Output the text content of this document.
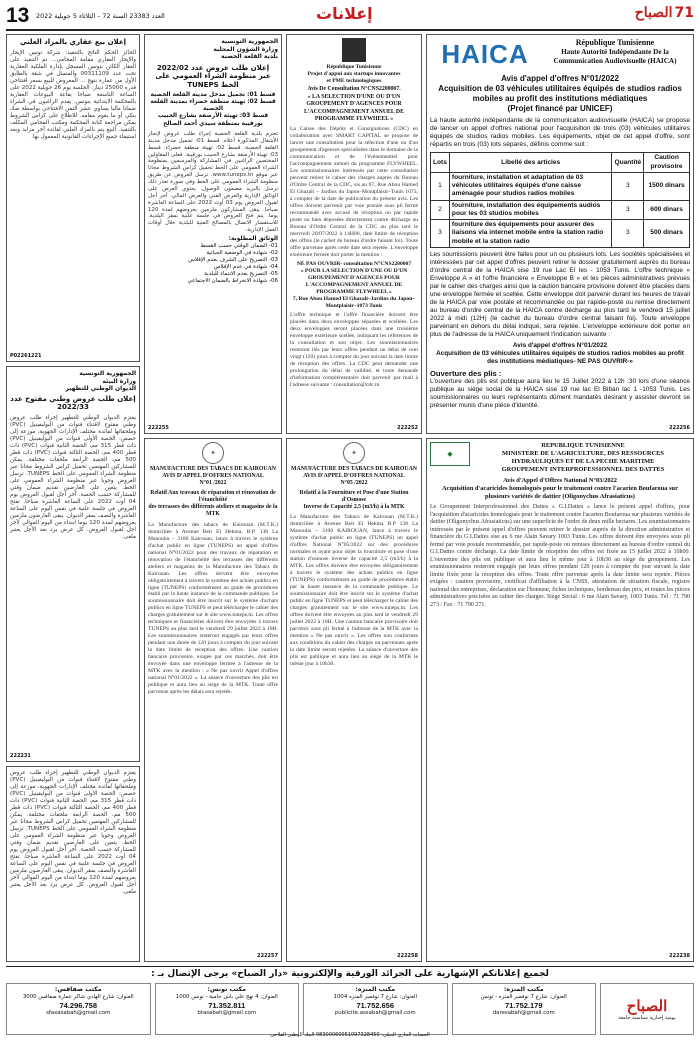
13	العدد 23383 السنة 72 – الثلاثاء 5 جويلية 2022	إعلانات	الصباح 71
إعلان بيع عقاري بالمزاد العلني
الحائز الحكم الناتج بالتنفيذ: شركة تونس الإيجار والإيجار العقاري مقامة المحامي... تم التنفيذ على العقار الكائن بتونس المسجل بإدارة الملكية العقارية تحت عدد 00311109 والمتمثل في شقة بالطابق الأول من عمارة بنهج ... المعروض للبيع بسعر افتتاحي قدره 25000 دينار. الجلسة يوم 26 جويلية 2022 على الساعة التاسعة صباحا بقاعة البيوعات العقارية بالمحكمة الابتدائية بتونس. يقدم الراغبون في الشراء ضمانا ماليا يساوي عشر الثمن الافتتاحي بواسطة صك بنكي أو ما يقوم مقامه. للاطلاع على كراس الشروط يمكن مراجعة كتابة المحكمة ومكتب المحامي المكلف بالتنفيذ. البيع يتم بالمزاد العلني لفائدة آخر مزايد وبعد استيفاء جميع الإجراءات القانونية المعمول بها.
P02261221
الجمهورية التونسية
وزارة البيئة
الديوان الوطني للتطهير
إعلان طلب عروض وطني مفتوح عدد 2022/33
يعتزم الديوان الوطني للتطهير إجراء طلب عروض وطني مفتوح لاقتناء قنوات من البوليفينيل (PVC) وملحقاتها لفائدة مختلف الإدارات الجهوية، موزعة إلى حصص: الحصة الأولى قنوات من البوليفينيل (PVC) ذات قطر 315 مم، الحصة الثانية قنوات (PVC) ذات قطر 400 مم، الحصة الثالثة قنوات (PVC) ذات قطر 500 مم، الحصة الرابعة ملحقات مختلفة. يمكن للمشاركين المهتمين تحميل كراس الشروط مجانا عبر منظومة الشراء العمومي على الخط TUNEPS. ترسل العروض وجوبا عبر منظومة الشراء العمومي على الخط. يتعين على العارضين تقديم ضمان وقتي للمشاركة حسب الحصة. آخر أجل لقبول العروض يوم 04 أوت 2022 على الساعة العاشرة صباحا. تفتح العروض في جلسة علنية في نفس اليوم على الساعة العاشرة والنصف بمقر الديوان. يبقى العارضون ملزمين بعروضهم لمدة 120 يوما ابتداء من اليوم الموالي لآخر أجل لقبول العروض. كل عرض يرد بعد الأجل يعتبر ملغى.
222231
الجمهورية التونسية
وزارة الشؤون المحلية
بلدية القلعة الخصبة
إعلان طلب عروض عدد 2022/02
عبر منظومة الشراء العمومي على الخط TUNEPS
قسط 01: تجميل مدخل مدينة القلعة الخصبة
قسط 02: تهيئة منطقة خضراء بمدينة القلعة الخصبة
قسط 03: تهيئة الأرصفة بشارع الحبيب بورقيبة بمنطقة سيدي أحمد الصالح
تعتزم بلدية القلعة الخصبة إجراء طلب عروض لإنجاز الأشغال المذكورة أعلاه. قسط 01: تجميل مدخل مدينة القلعة الخصبة. قسط 02: تهيئة منطقة خضراء. قسط 03: تهيئة الأرصفة بشارع الحبيب بورقيبة. فعلى المقاولين المختصين الراغبين في المشاركة والمرسمين بمنظومة الشراء العمومي على الخط تحميل كراس الشروط مجانا عبر موقع www.tuneps.tn. ترسل العروض عن طريق منظومة الشراء العمومي على الخط وفي صورة تعذر ذلك ترسل بالبريد مضمون الوصول. يحتوي العرض على الوثائق الإدارية والعرض الفني والعرض المالي. آخر أجل لقبول العروض يوم 03 أوت 2022 على الساعة العاشرة صباحا. يبقى المشاركون ملزمين بعروضهم لمدة 120 يوما. يتم فتح العروض في جلسة علنية بمقر البلدية. للاستفسار الاتصال بالمصالح الفنية للبلدية خلال أوقات العمل الإدارية.
الوثائق المطلوبة:
01- الضمان الوقتي حسب القسط
02- شهادة في الوضعية الجبائية
03- التصريح على الشرف بعدم الإفلاس
04- شهادة في عدم الإفلاس
05- التصريح بعدم الانتماء للبلدية
06- شهادة الانخراط بالضمان الاجتماعي
222255
République Tunisienne
Projet d'appui aux startups innovantes
et PME technologiques
Avis De Consultation N°CNS2200007.
« LA SELECTION D'UNE OU D'UN GROUPEMENT D'AGENCES POUR L'ACCOMPAGNEMENT ANNUEL DE PROGRAMME FLYWHEEL »
La Caisse des Dépôts et Consignations (CDC) en collaboration avec SMART CAPITAL se propose de lancer une consultation pour la sélection d'une ou d'un groupement d'agences spécialisées dans le domaine de la communication et de l'événementiel pour l'accompagnement annuel du programme FLYWHEEL. Les soumissionnaires intéressés par cette consultation peuvent retirer le cahier des charges auprès du Bureau d'Ordre Central de la CDC, sis au 07, Rue Abou Hamed El Ghazali – Jardins du Japon–Montplaisir–Tunis 1073, à compter de la date de publication du présent avis. Les offres doivent parvenir par voie postale sous pli fermé recommandé avec accusé de réception ou par rapide poste ou bien déposées directement contre décharge au Bureau d'Ordre Central de la CDC au plus tard le mercredi 20/07/2022 à 14H00, date limite de réception des offres (le cachet du bureau d'ordre faisant foi). Toute offre parvenue après cette date sera rejetée. L'enveloppe extérieure fermée doit porter la mention :
NE PAS OUVRIR- consultation N°CNS2200007
« POUR LA SELECTION D'UNE OU D'UN GROUPEMENT D'AGENCES POUR L'ACCOMPAGNEMENT ANNUEL DE PROGRAMME FLYWHEEL »
7, Rue Abou Hamed El Ghazali–Jardins du Japon–Montplaisir–1073 Tunis
L'offre technique et l'offre financière doivent être placées dans deux enveloppes séparées et scellées. Les deux enveloppes seront placées dans une troisième enveloppe extérieure scellée, indiquant les références de la consultation et son objet. Les soumissionnaires resteront liés par leurs offres pendant un délai de cent vingt (120) jours à compter du jour suivant la date limite de réception des offres. La CDC peut demander une prolongation du délai de validité, et toute demande d'information complémentaire doit parvenir par mail à l'adresse suivante : consultation@cdc.tn
222252
HAICA	République Tunisienne
Haute Autorité Indépendante De la Communication Audiovisuelle (HAICA)
Avis d'appel d'offres N°01/2022
Acquisition de 03 véhicules utilitaires équipés de studios radios mobiles au profit des institutions médiatiques
(Projet financé par UNICEF)
La haute autorité indépendante de la communication audiovisuelle (HAICA) se propose de lancer un appel d'offres national pour l'acquisition de trois (03) véhicules utilitaires équipés de studios radios mobiles. Les équipements, objet de cet appel d'offre, sont répartis en trois (03) lots séparés, définis comme suit :
Lots	Libellé des articles	Quantité	Caution provisoire
1	fourniture, installation et adaptation de 03 véhicules utilitaires équipés d'une caisse aménagée pour studios radios mobiles	3	1500 dinars
2	fourniture, installation des équipements audios pour les 03 studios mobiles	3	600 dinars
3	fourniture des équipements pour assurer des liaisons via internet mobile entre la station radio mobile et la station radio	3	500 dinars
Les soumissions peuvent être faites pour un ou plusieurs lots. Les sociétés spécialisées et intéressées par cet appel d'offres peuvent retirer le dossier gratuitement auprès du bureau d'ordre central de la HAICA sise 19 rue Lac El Ies - 1053 Tunis. L'offre technique « Enveloppe A » et l'offre financière « Enveloppe B » et les pièces administratives prévues par le cahier des charges ainsi que la caution bancaire provisoire doivent être placées dans une enveloppe fermée et scellée. Cette enveloppe doit parvenir durant les heures de travail de la HAICA par voie postale et recommandée ou par rapide-poste ou remise directement au bureau d'ordre central de la HAICA contre décharge au plus tard le vendredi 15 juillet 2022 à midi (12H) (le cachet du bureau d'ordre central faisant foi). Toute enveloppe parvenant en dehors du délai indiqué, sera rejetée. L'enveloppe extérieure doit porter en plus de l'adresse de la HAICA uniquement l'indication suivante :
Avis d'appel d'offres N°01/2022
Acquisition de 03 véhicules utilitaires équipés de studios radios mobiles au profit des institutions médiatiques- NE PAS OUVRIR-»
Ouverture des plis :
L'ouverture des plis est publique aura lieu le 15 Juillet 2022 à 12h :30 lors d'une séance publique au siège social de la HAICA sise 19 rue lac El Biban lac 1 -1053 Tunis. Les soumissionnaires ou leurs représentants dûment mandatés désirant y assister devront se présenter munis d'une pièce d'identité.
222256
✦
MANUFACTURE DES TABACS DE KAIROUAN
AVIS D'APPEL D'OFFRES NATIONAL
N°01 /2022
Relatif Aux travaux de réparation et rénovation de l'étanchéité
des terrasses des différents ateliers et magasins de la MTK
La Manufacture des tabacs de Kairouan (M.T.K.) domiciliée à Avenue Beit El Hekma, B.P. 138 La Manouba – 3100 Kairouan, lance à travers le système d'achat public en ligne (TUNEPS) un appel d'offres national N°01/2022 pour des travaux de réparation et rénovation de l'étanchéité des terrasses des différents ateliers et magasins de la Manufacture des Tabacs de Kairouan. Les offres doivent être envoyées obligatoirement à travers le système des achats publics en ligne (TUNEPS) conformément au guide de procédures établi par la haute instance de la commande publique. Le soumissionnaire doit être inscrit sur le système d'achats publics en ligne TUNEPS et peut télécharger le cahier des charges gratuitement sur le site www.tuneps.tn. Les offres techniques et financières doivent être envoyées à travers TUNEPS au plus tard le vendredi 29 juillet 2022 à 10H. Les soumissionnaires resteront engagés par leurs offres pendant une durée de 120 jours à compter du jour suivant la date limite de réception des offres. Une caution bancaire provisoire, exigée par ces marchés, doit être envoyée dans une enveloppe fermée à l'adresse de la MTK avec la mention : « Ne pas ouvrir Appel d'offres national N°01/2022 ». La séance d'ouverture des plis est publique et aura lieu au siège de la MTK. Toute offre parvenue après les délais sera rejetée.
222257
✦
MANUFACTURE DES TABACS DE KAIROUAN
AVIS D'APPEL D'OFFRES NATIONAL
N°05 /2022
Relatif à la Fourniture et Pose d'une Station d'Osmose
Inverse de Capacité 2,5 (m3/h) à la MTK
La Manufacture des Tabacs de Kairouan (M.T.K.) domiciliée à Avenue Beit El Hekma B.P 138 La Manouba – 3100 KAIROUAN, lance à travers le système d'achat public en ligne (TUNEPS) un appel d'offres National N°05/2022 sur des procédures normales et ayant pour objet la fourniture et pose d'une station d'osmose inverse de capacité 2,5 (m3/h) à la MTK. Les offres doivent être envoyées obligatoirement à travers le système des achats publics en ligne (TUNEPS) conformément au guide de procédures établi par la haute instance de la commande publique. Le soumissionnaire doit être inscrit sur le système d'achat public en ligne TUNEPS et peut télécharger le cahier des charges gratuitement sur le site www.tuneps.tn. Les offres doivent être envoyées au plus tard le vendredi 29 juillet 2022 à 10H. Une caution bancaire provisoire doit parvenir sous pli fermé à l'adresse de la MTK avec la mention « Ne pas ouvrir ». Les offres non conformes aux conditions du cahier des charges ou parvenues après la date limite seront rejetées. La séance d'ouverture des plis est publique et aura lieu au siège de la MTK le même jour à 10h30.
222258
◆
REPUBLIQUE TUNISIENNE
MINISTERE DE L'AGRICULTURE, DES RESSOURCES HYDRAULIQUES ET DE LA PECHE MARITIME
GROUPEMENT INTERPROFESSIONNEL DES DATTES
Avis d'Appel d'Offres National N°03/2022
Acquisition d'acaricides homologués pour le traitement contre l'acarien Boufaroua sur plusieurs variétés de dattier (Oligonychus Afrasiaticus)
Le Groupement Interprofessionnel des Dattes « G.I.Dattes » lance le présent appel d'offres, pour l'acquisition d'acaricides homologués pour le traitement contre l'acarien Boufaroua sur plusieurs variétés de dattier (Oligonychus Afrasiaticus) sur une superficie de l'ordre de deux mille hectares. Les soumissionnaires intéressés par le présent appel d'offres peuvent retirer le dossier auprès de la direction administrative et financière du G.I.Dattes sise au 6 rue Alain Savary 1003 Tunis. Les offres doivent être envoyées sous pli fermé par voie postale recommandée, par rapide-poste ou remises directement au bureau d'ordre central du G.I.Dattes contre décharge. La date limite de réception des offres est fixée au 15 juillet 2022 à 10h00. L'ouverture des plis est publique et aura lieu le même jour à 10h30 au siège du groupement. Les soumissionnaires resteront engagés par leurs offres pendant 120 jours à compter du jour suivant la date limite fixée pour la réception des offres. Toute offre parvenue après la date limite sera rejetée. Pièces exigées : caution provisoire, certificat d'affiliation à la CNSS, attestation de situation fiscale, registre national des entreprises, déclaration sur l'honneur, fiches techniques, bordereau des prix, et toutes les pièces administratives précisées au cahier des charges. Siège Social : 6 rue Alain Savary, 1003 Tunis. Tél : 71 790 273 / Fax : 71 790 271.
222238
يعتزم الديوان الوطني للتطهير إجراء طلب عروض وطني مفتوح لاقتناء قنوات من البوليفينيل (PVC) وملحقاتها لفائدة مختلف الإدارات الجهوية، موزعة إلى حصص: الحصة الأولى قنوات من البوليفينيل (PVC) ذات قطر 315 مم، الحصة الثانية قنوات (PVC) ذات قطر 400 مم، الحصة الثالثة قنوات (PVC) ذات قطر 500 مم، الحصة الرابعة ملحقات مختلفة. يمكن للمشاركين المهتمين تحميل كراس الشروط مجانا عبر منظومة الشراء العمومي على الخط TUNEPS. ترسل العروض وجوبا عبر منظومة الشراء العمومي على الخط. يتعين على العارضين تقديم ضمان وقتي للمشاركة حسب الحصة. آخر أجل لقبول العروض يوم 04 أوت 2022 على الساعة العاشرة صباحا. تفتح العروض في جلسة علنية في نفس اليوم على الساعة العاشرة والنصف بمقر الديوان. يبقى العارضون ملزمين بعروضهم لمدة 120 يوما ابتداء من اليوم الموالي لآخر أجل لقبول العروض. كل عرض يرد بعد الأجل يعتبر ملغى.
لجميع إعلاناتكم الإشهارية على الجرائد الورقية والإلكترونية «دار الصباح» يرجى الإتصال بـ :
مكتب صفاقس:
العنوان: شارع الهادي شاكر عمارة صفاقس 3000
74.296.758
sfaxasabah@gmail.com
مكتب تونس:
العنوان: 4 نهج علي باش حامبة - تونس 1000
71.352.811
btasabah@gmail.com
مكتب المنزه:
العنوان: شارع 7 نوفمبر المنزه 1004
71.752.656
publicite.assabah@gmail.com
مكتب المنزه:
العنوان: شارع 7 نوفمبر المنزه - تونس
71.752.179
daresabah@gmail.com	الصباح
يومية إخبارية سياسية جامعة
الحساب الجاري البنكي: 08300060051097328450 البنك الوطني الفلاحي
